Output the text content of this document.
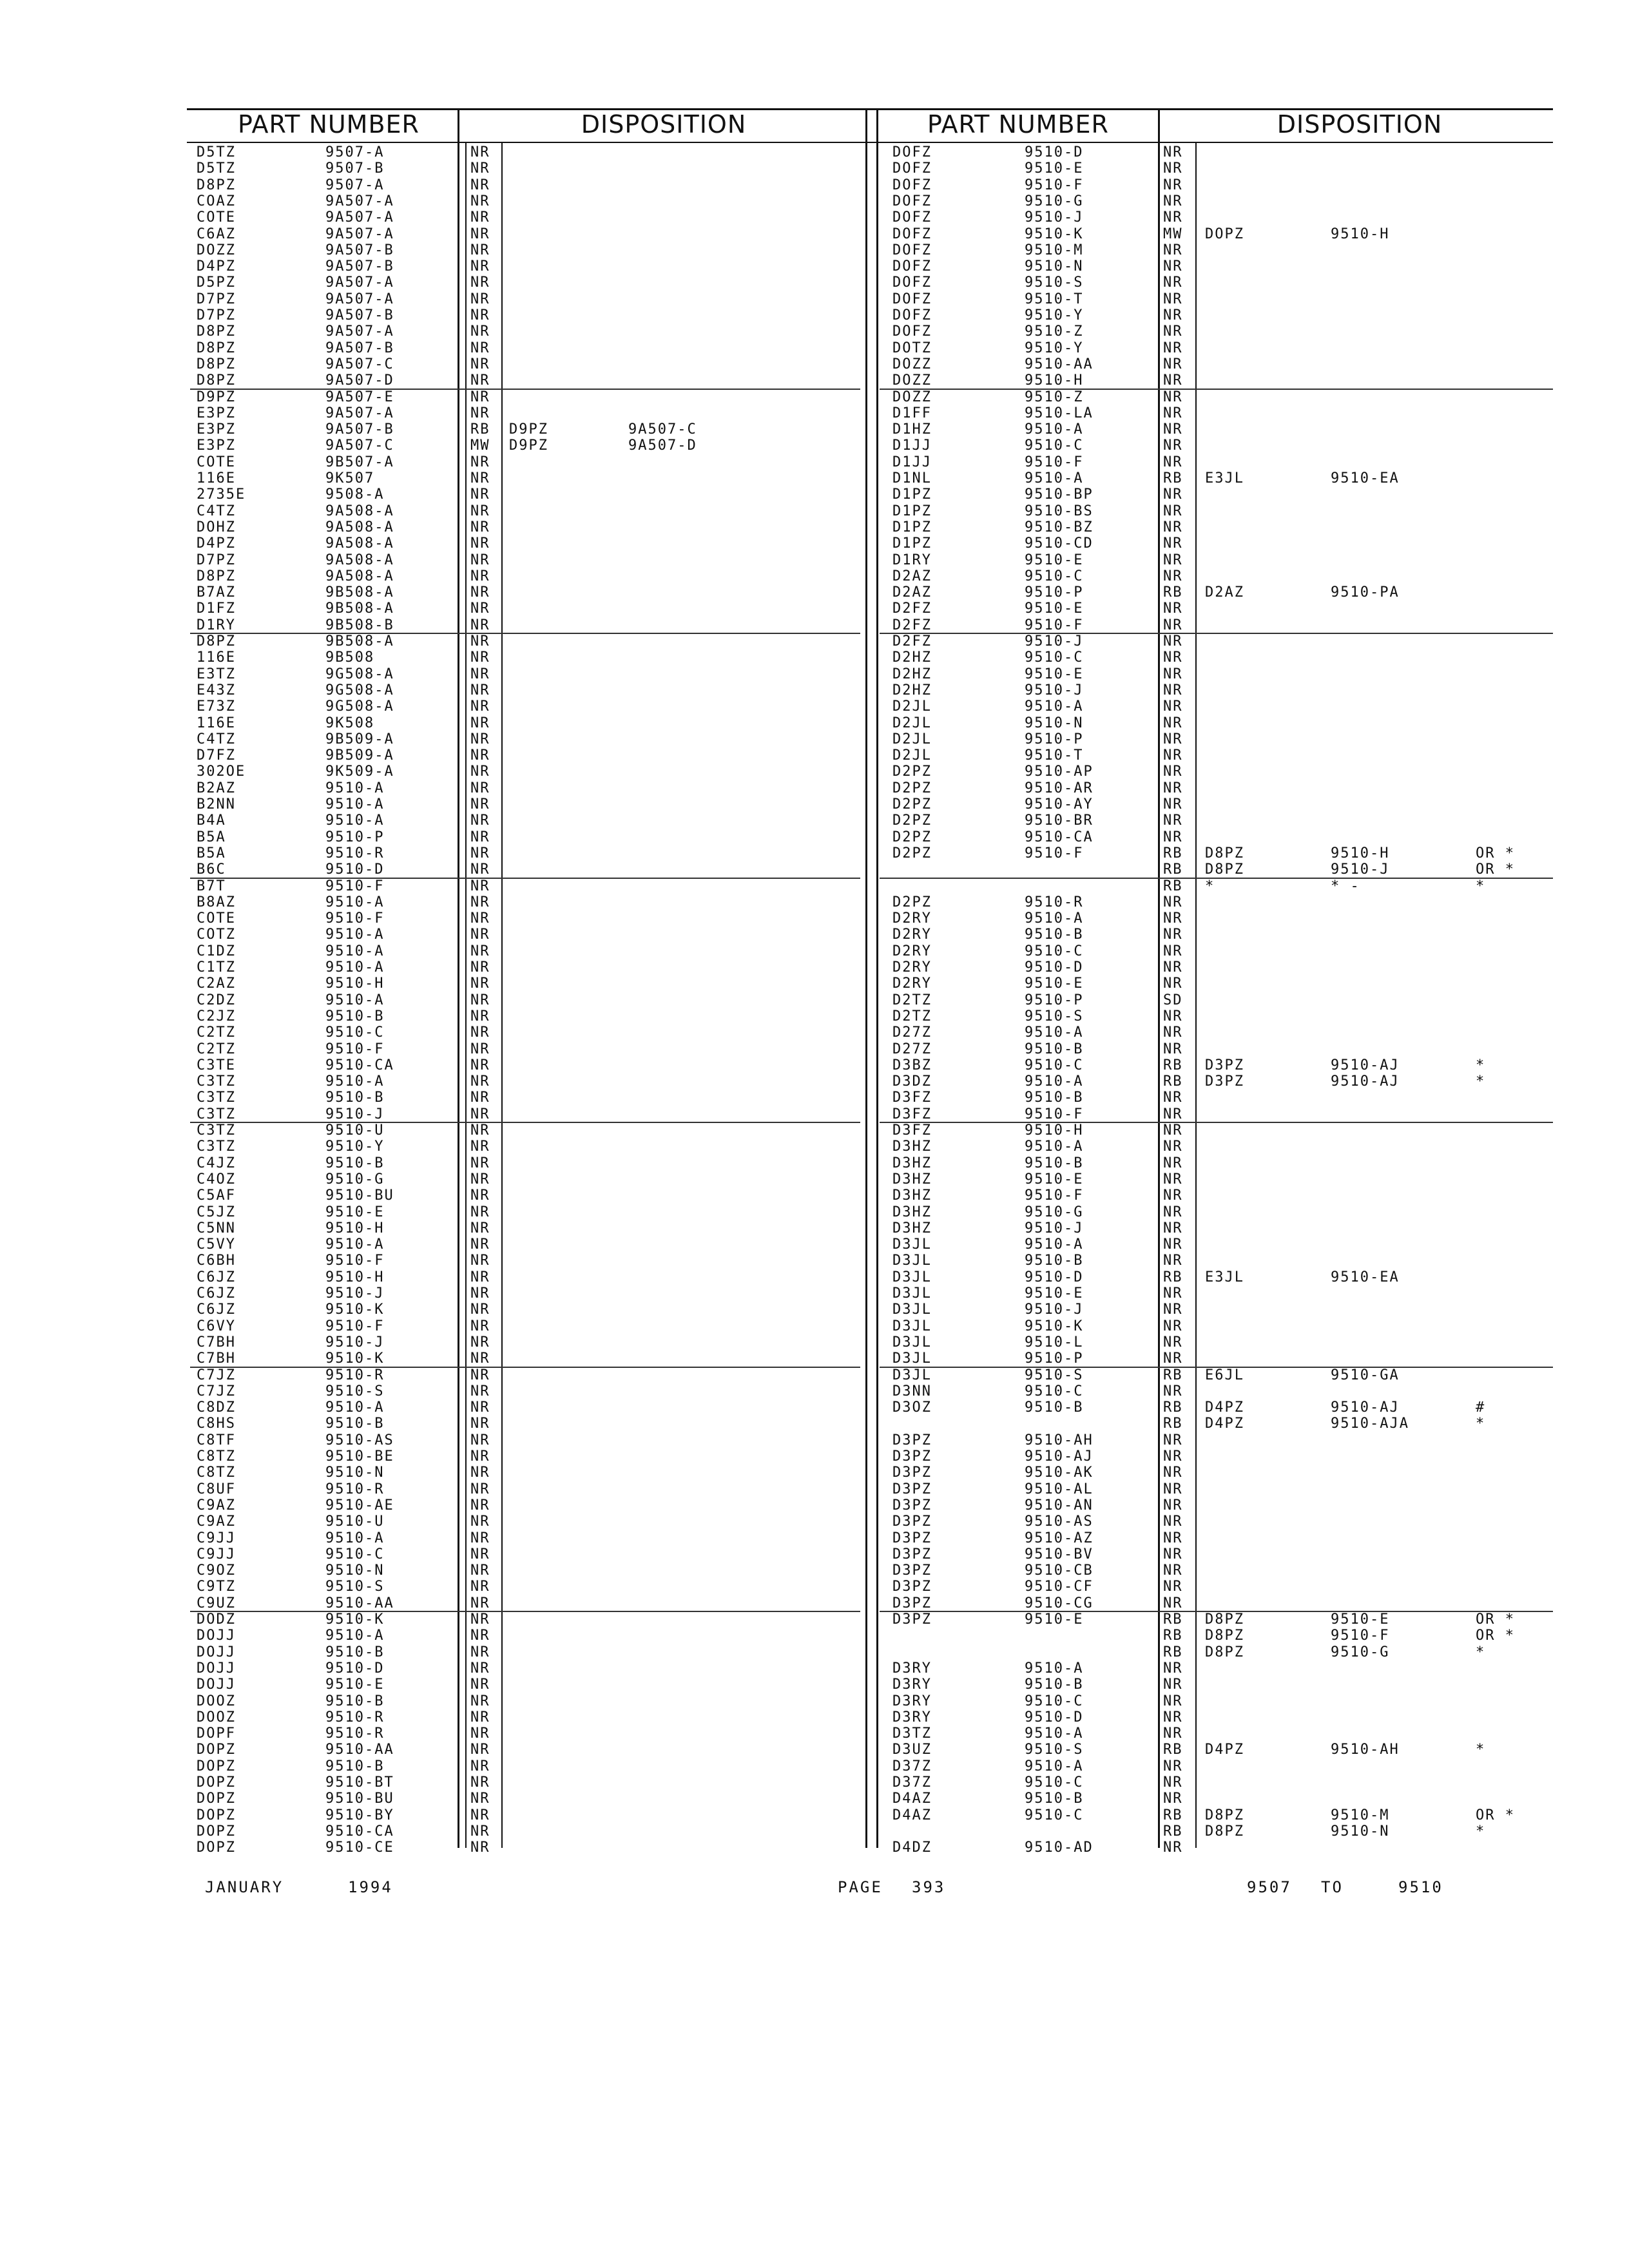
PART NUMBER	DISPOSITION	PART NUMBER	DISPOSITION
D5TZ	9507-A	NR
D5TZ	9507-B	NR
D8PZ	9507-A	NR
COAZ	9A507-A	NR
COTE	9A507-A	NR
C6AZ	9A507-A	NR
DOZZ	9A507-B	NR
D4PZ	9A507-B	NR
D5PZ	9A507-A	NR
D7PZ	9A507-A	NR
D7PZ	9A507-B	NR
D8PZ	9A507-A	NR
D8PZ	9A507-B	NR
D8PZ	9A507-C	NR
D8PZ	9A507-D	NR
D9PZ	9A507-E	NR
E3PZ	9A507-A	NR
E3PZ	9A507-B	RB D9PZ	9A507-C
E3PZ	9A507-C	MW D9PZ	9A507-D
COTE	9B507-A	NR
116E	9K507	NR
2735E	9508-A	NR
C4TZ	9A508-A	NR
DOHZ	9A508-A	NR
D4PZ	9A508-A	NR
D7PZ	9A508-A	NR
D8PZ	9A508-A	NR
B7AZ	9B508-A	NR
D1FZ	9B508-A	NR
D1RY	9B508-B	NR
D8PZ	9B508-A	NR
116E	9B508	NR
E3TZ	9G508-A	NR
E43Z	9G508-A	NR
E73Z	9G508-A	NR
116E	9K508	NR
C4TZ	9B509-A	NR
D7FZ	9B509-A	NR
302OE	9K509-A	NR
B2AZ	9510-A	NR
B2NN	9510-A	NR
B4A	9510-A	NR
B5A	9510-P	NR
B5A	9510-R	NR
B6C	9510-D	NR
B7T	9510-F	NR
B8AZ	9510-A	NR
COTE	9510-F	NR
COTZ	9510-A	NR
C1DZ	9510-A	NR
C1TZ	9510-A	NR
C2AZ	9510-H	NR
C2DZ	9510-A	NR
C2JZ	9510-B	NR
C2TZ	9510-C	NR
C2TZ	9510-F	NR
C3TE	9510-CA	NR
C3TZ	9510-A	NR
C3TZ	9510-B	NR
C3TZ	9510-J	NR
C3TZ	9510-U	NR
C3TZ	9510-Y	NR
C4JZ	9510-B	NR
C4OZ	9510-G	NR
C5AF	9510-BU	NR
C5JZ	9510-E	NR
C5NN	9510-H	NR
C5VY	9510-A	NR
C6BH	9510-F	NR
C6JZ	9510-H	NR
C6JZ	9510-J	NR
C6JZ	9510-K	NR
C6VY	9510-F	NR
C7BH	9510-J	NR
C7BH	9510-K	NR
C7JZ	9510-R	NR
C7JZ	9510-S	NR
C8DZ	9510-A	NR
C8HS	9510-B	NR
C8TF	9510-AS	NR
C8TZ	9510-BE	NR
C8TZ	9510-N	NR
C8UF	9510-R	NR
C9AZ	9510-AE	NR
C9AZ	9510-U	NR
C9JJ	9510-A	NR
C9JJ	9510-C	NR
C9OZ	9510-N	NR
C9TZ	9510-S	NR
C9UZ	9510-AA	NR
DODZ	9510-K	NR
DOJJ	9510-A	NR
DOJJ	9510-B	NR
DOJJ	9510-D	NR
DOJJ	9510-E	NR
DOOZ	9510-B	NR
DOOZ	9510-R	NR
DOPF	9510-R	NR
DOPZ	9510-AA	NR
DOPZ	9510-B	NR
DOPZ	9510-BT	NR
DOPZ	9510-BU	NR
DOPZ	9510-BY	NR
DOPZ	9510-CA	NR
DOPZ	9510-CE	NR
DOFZ	9510-D	NR
DOFZ	9510-E	NR
DOFZ	9510-F	NR
DOFZ	9510-G	NR
DOFZ	9510-J	NR
DOFZ	9510-K	MW DOPZ	9510-H
DOFZ	9510-M	NR
DOFZ	9510-N	NR
DOFZ	9510-S	NR
DOFZ	9510-T	NR
DOFZ	9510-Y	NR
DOFZ	9510-Z	NR
DOTZ	9510-Y	NR
DOZZ	9510-AA	NR
DOZZ	9510-H	NR
DOZZ	9510-Z	NR
D1FF	9510-LA	NR
D1HZ	9510-A	NR
D1JJ	9510-C	NR
D1JJ	9510-F	NR
D1NL	9510-A	RB E3JL	9510-EA
D1PZ	9510-BP	NR
D1PZ	9510-BS	NR
D1PZ	9510-BZ	NR
D1PZ	9510-CD	NR
D1RY	9510-E	NR
D2AZ	9510-C	NR
D2AZ	9510-P	RB D2AZ	9510-PA
D2FZ	9510-E	NR
D2FZ	9510-F	NR
D2FZ	9510-J	NR
D2HZ	9510-C	NR
D2HZ	9510-E	NR
D2HZ	9510-J	NR
D2JL	9510-A	NR
D2JL	9510-N	NR
D2JL	9510-P	NR
D2JL	9510-T	NR
D2PZ	9510-AP	NR
D2PZ	9510-AR	NR
D2PZ	9510-AY	NR
D2PZ	9510-BR	NR
D2PZ	9510-CA	NR
D2PZ	9510-F	RB D8PZ	9510-H	OR *
RB D8PZ	9510-J	OR *
RB *	* -	*
D2PZ	9510-R	NR
D2RY	9510-A	NR
D2RY	9510-B	NR
D2RY	9510-C	NR
D2RY	9510-D	NR
D2RY	9510-E	NR
D2TZ	9510-P	SD
D2TZ	9510-S	NR
D27Z	9510-A	NR
D27Z	9510-B	NR
D3BZ	9510-C	RB D3PZ	9510-AJ	*
D3DZ	9510-A	RB D3PZ	9510-AJ	*
D3FZ	9510-B	NR
D3FZ	9510-F	NR
D3FZ	9510-H	NR
D3HZ	9510-A	NR
D3HZ	9510-B	NR
D3HZ	9510-E	NR
D3HZ	9510-F	NR
D3HZ	9510-G	NR
D3HZ	9510-J	NR
D3JL	9510-A	NR
D3JL	9510-B	NR
D3JL	9510-D	RB E3JL	9510-EA
D3JL	9510-E	NR
D3JL	9510-J	NR
D3JL	9510-K	NR
D3JL	9510-L	NR
D3JL	9510-P	NR
D3JL	9510-S	RB E6JL	9510-GA
D3NN	9510-C	NR
D3OZ	9510-B	RB D4PZ	9510-AJ	#
RB D4PZ	9510-AJA	*
D3PZ	9510-AH	NR
D3PZ	9510-AJ	NR
D3PZ	9510-AK	NR
D3PZ	9510-AL	NR
D3PZ	9510-AN	NR
D3PZ	9510-AS	NR
D3PZ	9510-AZ	NR
D3PZ	9510-BV	NR
D3PZ	9510-CB	NR
D3PZ	9510-CF	NR
D3PZ	9510-CG	NR
D3PZ	9510-E	RB D8PZ	9510-E	OR *
RB D8PZ	9510-F	OR *
RB D8PZ	9510-G	*
D3RY	9510-A	NR
D3RY	9510-B	NR
D3RY	9510-C	NR
D3RY	9510-D	NR
D3TZ	9510-A	NR
D3UZ	9510-S	RB D4PZ	9510-AH	*
D37Z	9510-A	NR
D37Z	9510-C	NR
D4AZ	9510-B	NR
D4AZ	9510-C	RB D8PZ	9510-M	OR *
RB D8PZ	9510-N	*
D4DZ	9510-AD	NR
JANUARY	1994	PAGE 393	9507 TO	9510
